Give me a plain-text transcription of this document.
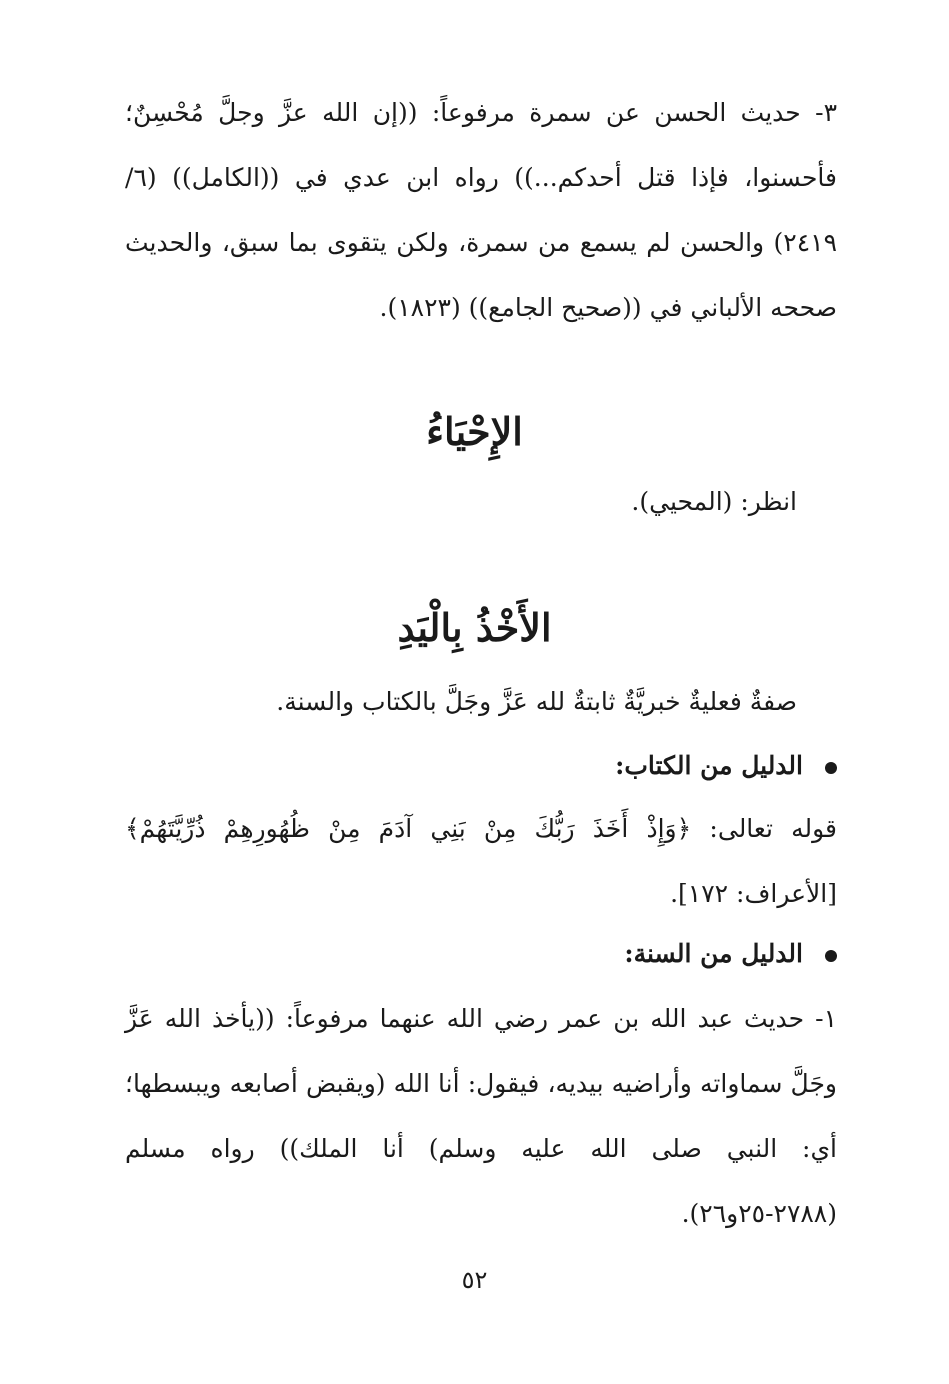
٣- حديث الحسن عن سمرة مرفوعاً: ((إن الله عزَّ وجلَّ مُحْسِنٌ؛ فأحسنوا، فإذا قتل أحدكم...)) رواه ابن عدي في ((الكامل)) (٦/ ٢٤١٩) والحسن لم يسمع من سمرة، ولكن يتقوى بما سبق، والحديث صححه الألباني في ((صحيح الجامع)) (١٨٢٣).
الإِحْيَاءُ
انظر: (المحيي).
الأَخْذُ بِالْيَدِ
صفةٌ فعليةٌ خبريَّةٌ ثابتةٌ لله عَزَّ وجَلَّ بالكتاب والسنة.
الدليل من الكتاب:
قوله تعالى: ﴿وَإِذْ أَخَذَ رَبُّكَ مِنْ بَنِي آدَمَ مِنْ ظُهُورِهِمْ ذُرِّيَّتَهُمْ﴾ [الأعراف: ١٧٢].
الدليل من السنة:
١- حديث عبد الله بن عمر رضي الله عنهما مرفوعاً: ((يأخذ الله عَزَّ وجَلَّ سماواته وأراضيه بيديه، فيقول: أنا الله (ويقبض أصابعه ويبسطها؛ أي: النبي صلى الله عليه وسلم) أنا الملك)) رواه مسلم (٢٧٨٨-٢٥و٢٦).
٥٢
